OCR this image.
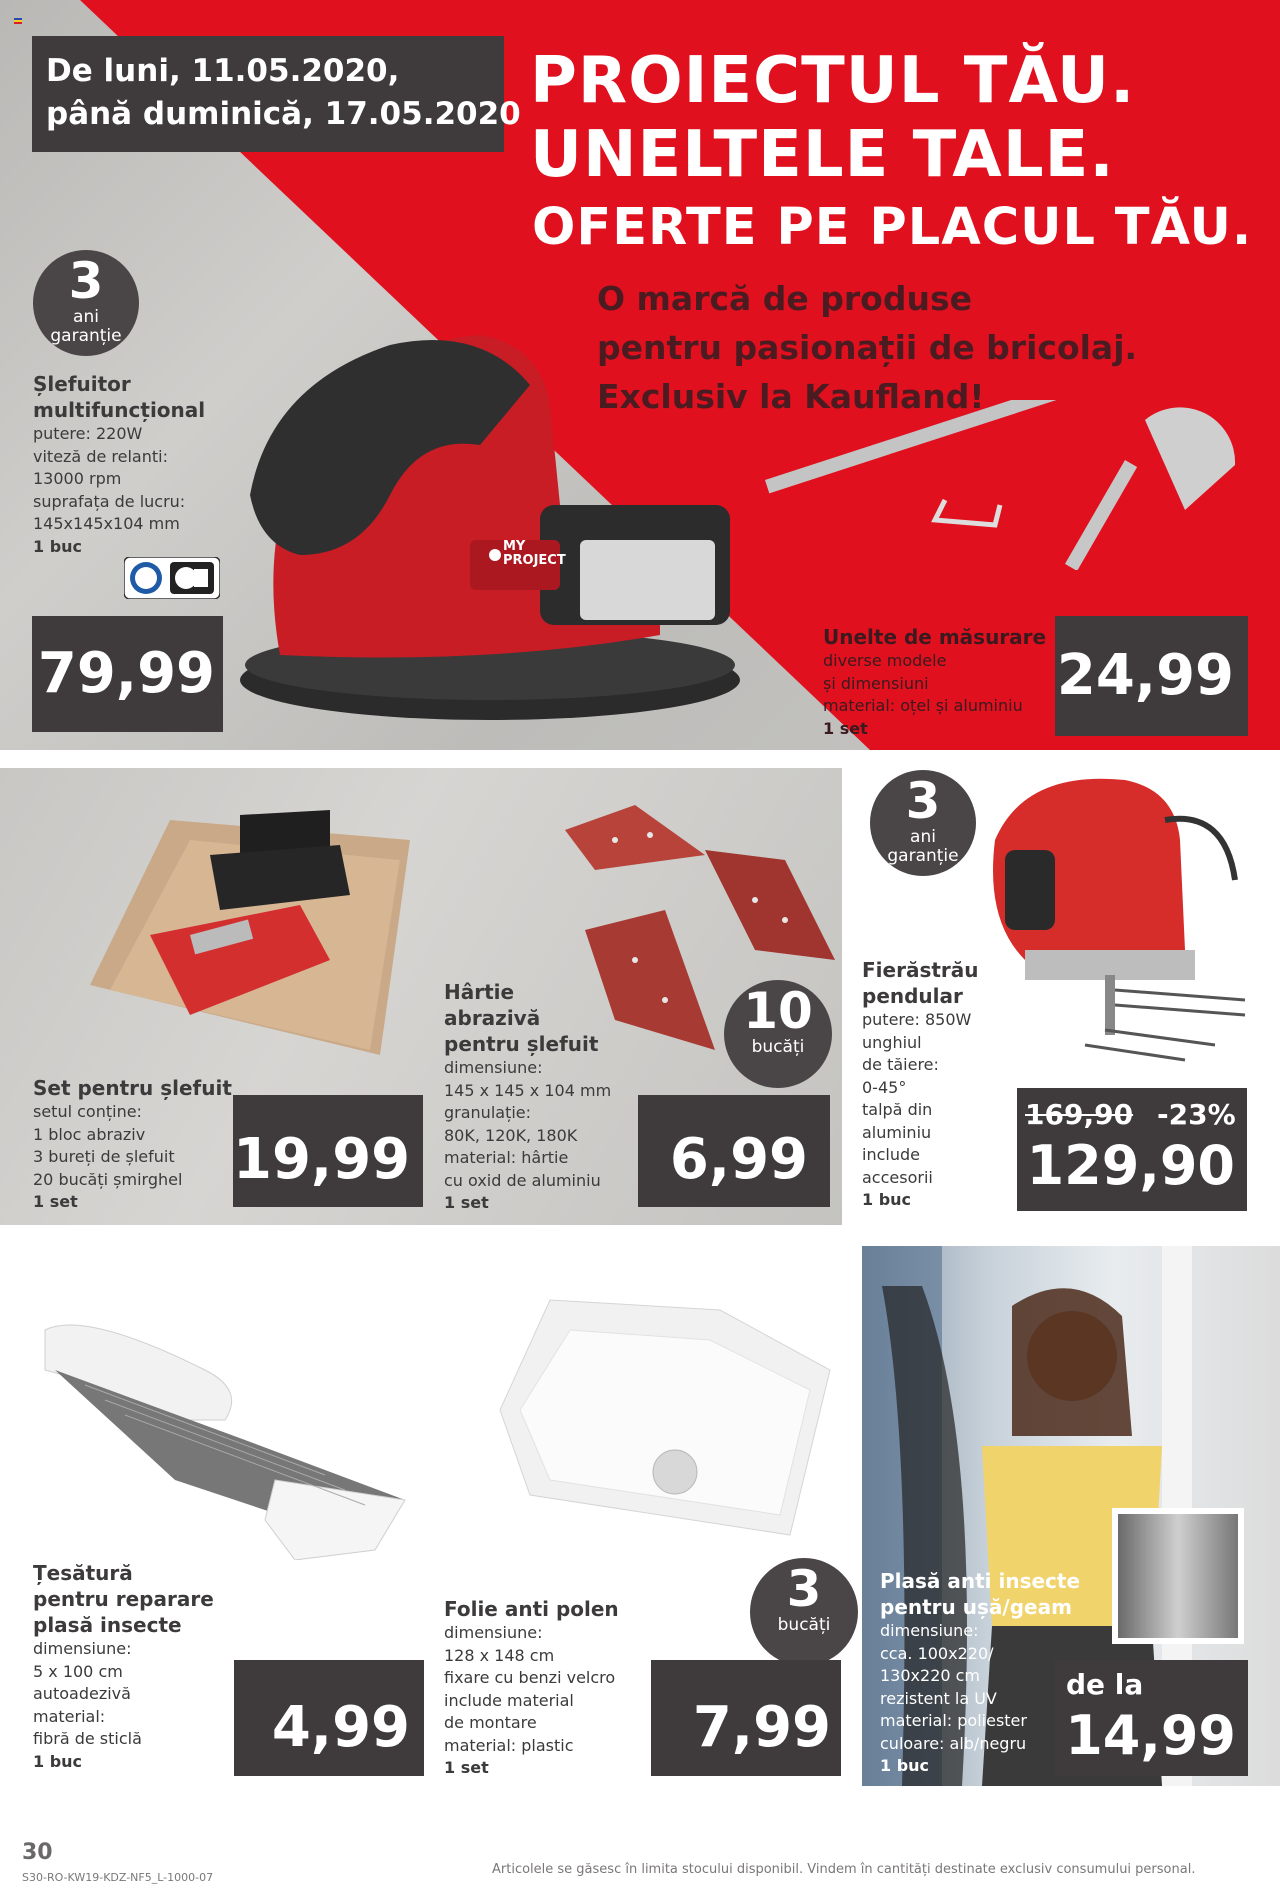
De luni, 11.05.2020,
până duminică, 17.05.2020 PROIECTUL TĂU.
UNELTELE TALE.
OFERTE PE PLACUL TĂU.
O marcă de produse
pentru pasionații de bricolaj.
Exclusiv la Kaufland!
3
ani
garanție
Șlefuitor
multifuncțional
putere: 220W
viteză de relanti:
13000 rpm
suprafața de lucru:
145x145x104 mm
1 buc	MY PROJECT
79,99
Unelte de măsurare
diverse modele
și dimensiuni
material: oțel și aluminiu
1 set
24,99
Set pentru șlefuit
setul conține:
1 bloc abraziv
3 bureți de șlefuit
20 bucăți șmirghel
1 set
19,99
Hârtie
abrazivă
pentru șlefuit
dimensiune:
145 x 145 x 104 mm
granulație:
80K, 120K, 180K
material: hârtie
cu oxid de aluminiu
1 set
10
bucăți
6,99
3
ani
garanție
Fierăstrău
pendular
putere: 850W
unghiul
de tăiere:
0-45°
talpă din
aluminiu
include
accesorii
1 buc
169,90 -23%
129,90
Țesătură
pentru reparare
plasă insecte
dimensiune:
5 x 100 cm
autoadezivă
material:
fibră de sticlă
1 buc
4,99
Folie anti polen
dimensiune:
128 x 148 cm
fixare cu benzi velcro
include material
de montare
material: plastic
1 set
3
bucăți
7,99
Plasă anti insecte
pentru ușă/geam
dimensiune:
cca. 100x220/
130x220 cm
rezistent la UV
material: poliester
culoare: alb/negru
1 buc
de la
14,99
30
S30-RO-KW19-KDZ-NF5_L-1000-07
Articolele se găsesc în limita stocului disponibil. Vindem în cantități destinate exclusiv consumului personal.
